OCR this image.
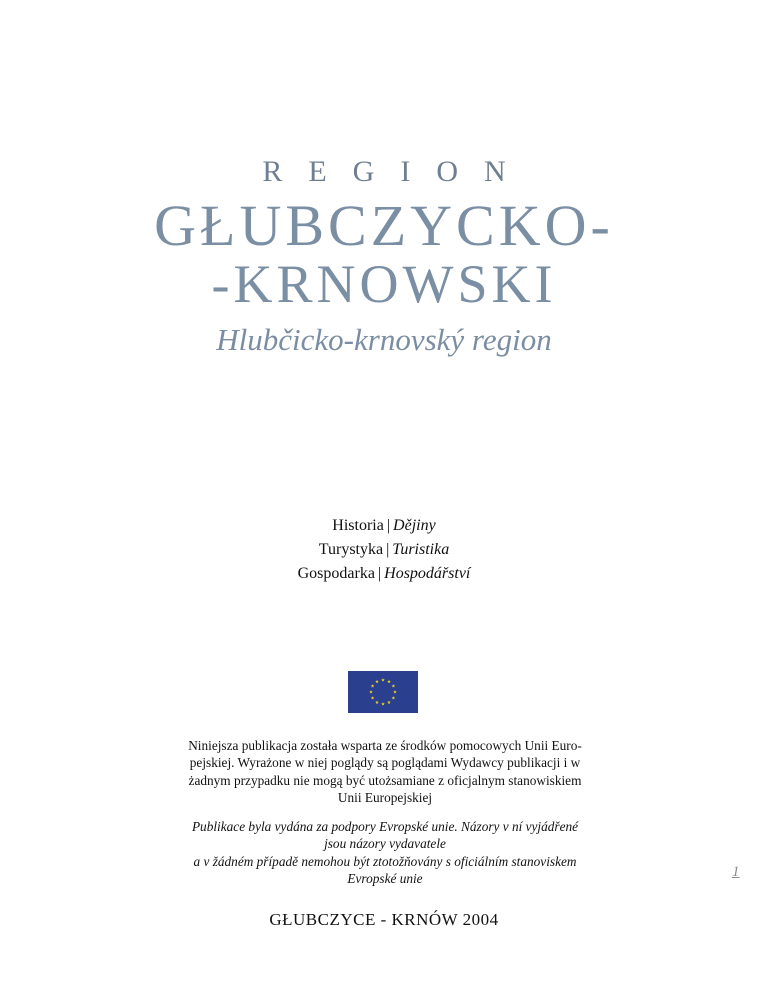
REGION
GŁUBCZYCKO-
-KRNOWSKI
Hlubčicko-krnovský region
Historia | Dějiny
Turystyka | Turistika
Gospodarka | Hospodářství
Niniejsza publikacja została wsparta ze środków pomocowych Unii Euro-
pejskiej. Wyrażone w niej poglądy są poglądami Wydawcy publikacji i w
żadnym przypadku nie mogą być utożsamiane z oficjalnym stanowiskiem
Unii Europejskiej
Publikace byla vydána za podpory Evropské unie. Názory v ní vyjádřené
jsou názory vydavatele
a v žádném případě nemohou být ztotožňovány s oficiálním stanoviskem
Evropské unie	1
GŁUBCZYCE - KRNÓW 2004
